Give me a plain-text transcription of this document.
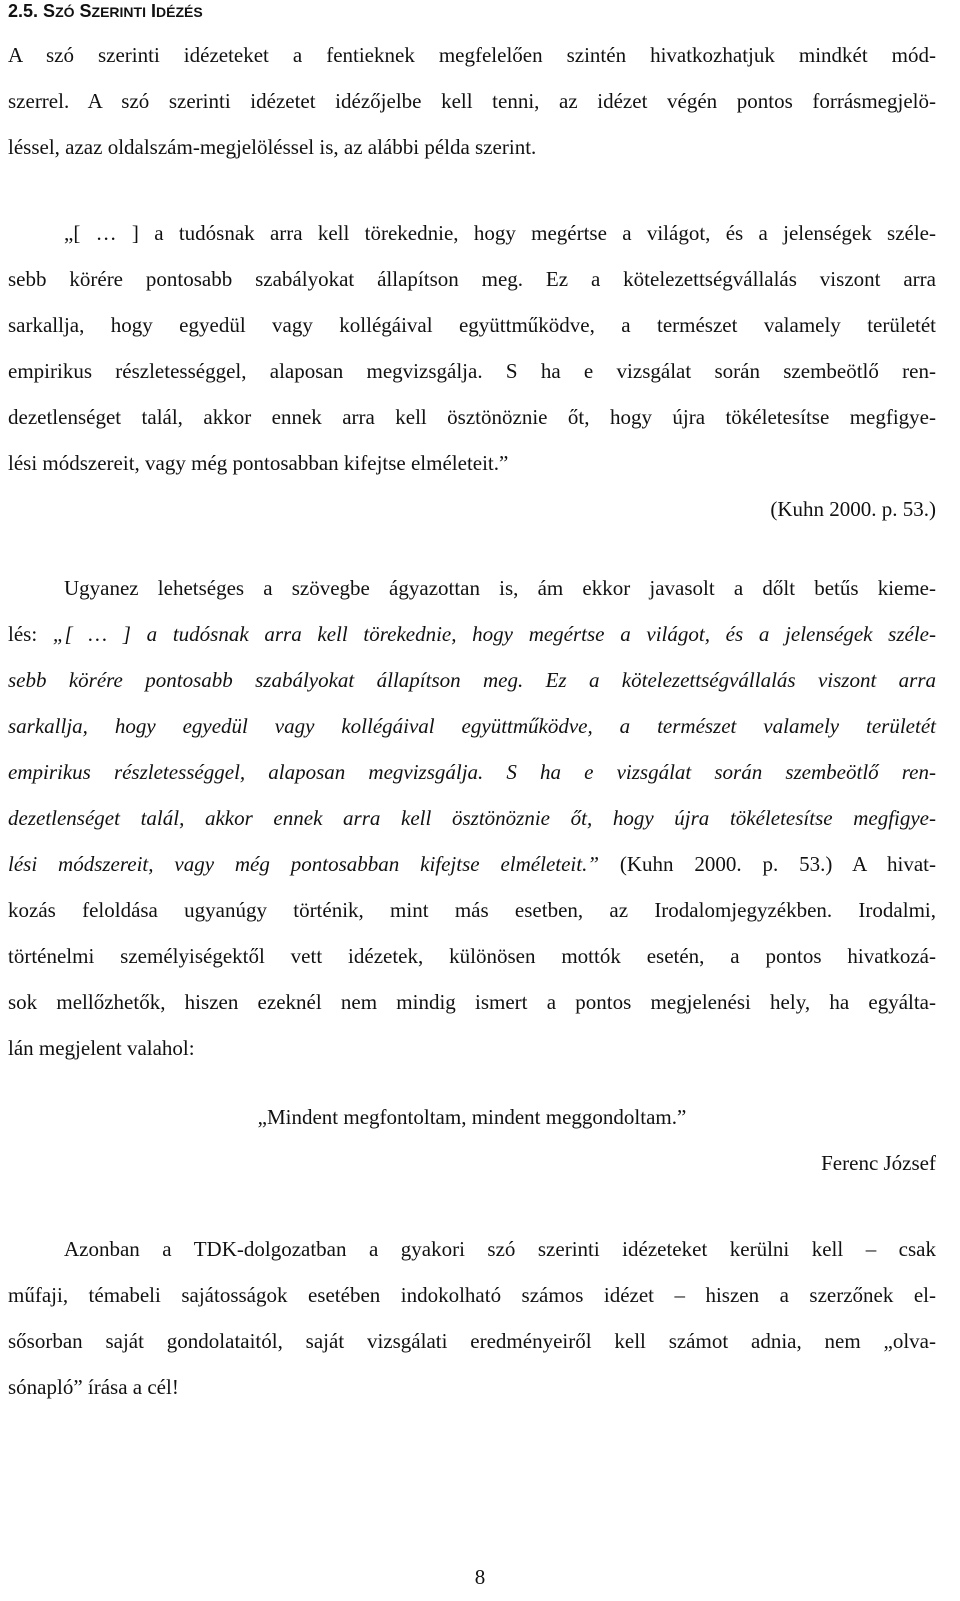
2.5. SZÓ SZERINTI IDÉZÉS
A szó szerinti idézeteket a fentieknek megfelelően szintén hivatkozhatjuk mindkét mód-
szerrel. A szó szerinti idézetet idézőjelbe kell tenni, az idézet végén pontos forrásmegjelö-
léssel, azaz oldalszám-megjelöléssel is, az alábbi példa szerint.
„[ … ] a tudósnak arra kell törekednie, hogy megértse a világot, és a jelenségek széle-
sebb körére pontosabb szabályokat állapítson meg. Ez a kötelezettségvállalás viszont arra
sarkallja, hogy egyedül vagy kollégáival együttműködve, a természet valamely területét
empirikus részletességgel, alaposan megvizsgálja. S ha e vizsgálat során szembeötlő ren-
dezetlenséget talál, akkor ennek arra kell ösztönöznie őt, hogy újra tökéletesítse megfigye-
lési módszereit, vagy még pontosabban kifejtse elméleteit.”
(Kuhn 2000. p. 53.)
Ugyanez lehetséges a szövegbe ágyazottan is, ám ekkor javasolt a dőlt betűs kieme-
lés: „[ … ] a tudósnak arra kell törekednie, hogy megértse a világot, és a jelenségek széle-
sebb körére pontosabb szabályokat állapítson meg. Ez a kötelezettségvállalás viszont arra
sarkallja, hogy egyedül vagy kollégáival együttműködve, a természet valamely területét
empirikus részletességgel, alaposan megvizsgálja. S ha e vizsgálat során szembeötlő ren-
dezetlenséget talál, akkor ennek arra kell ösztönöznie őt, hogy újra tökéletesítse megfigye-
lési módszereit, vagy még pontosabban kifejtse elméleteit.” (Kuhn 2000. p. 53.) A hivat-
kozás feloldása ugyanúgy történik, mint más esetben, az Irodalomjegyzékben. Irodalmi,
történelmi személyiségektől vett idézetek, különösen mottók esetén, a pontos hivatkozá-
sok mellőzhetők, hiszen ezeknél nem mindig ismert a pontos megjelenési hely, ha egyálta-
lán megjelent valahol:
„Mindent megfontoltam, mindent meggondoltam.”
Ferenc József
Azonban a TDK-dolgozatban a gyakori szó szerinti idézeteket kerülni kell – csak
műfaji, témabeli sajátosságok esetében indokolható számos idézet – hiszen a szerzőnek el-
sősorban saját gondolataitól, saját vizsgálati eredményeiről kell számot adnia, nem „olva-
sónapló” írása a cél!
8
